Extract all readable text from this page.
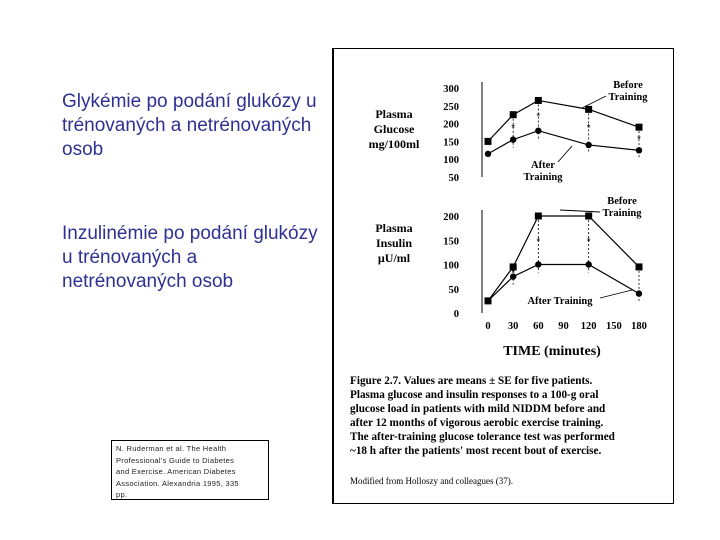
Glykémie po podání glukózy u trénovaných a netrénovaných osob
Inzulinémie po podání glukózy u trénovaných a netrénovaných osob
N. Ruderman et al. The Health
Professional's Guide to Diabetes
and Exercise. American Diabetes
Association. Alexandria 1995, 335
pp.
Plasma
Glucose
mg/100ml
Plasma
Insulin
µU/ml
50
100
150
200
250
300
*
*
*
*
Before
Training
After
Training
0
50
100
150
200
*
*	*
Before
Training
After Training
0 30 60 90 120 150 180
TIME (minutes)
Figure 2.7. Values are means ± SE for five patients.
Plasma glucose and insulin responses to a 100-g oral
glucose load in patients with mild NIDDM before and
after 12 months of vigorous aerobic exercise training.
The after-training glucose tolerance test was performed
~18 h after the patients' most recent bout of exercise.
Modified from Holloszy and colleagues (37).
